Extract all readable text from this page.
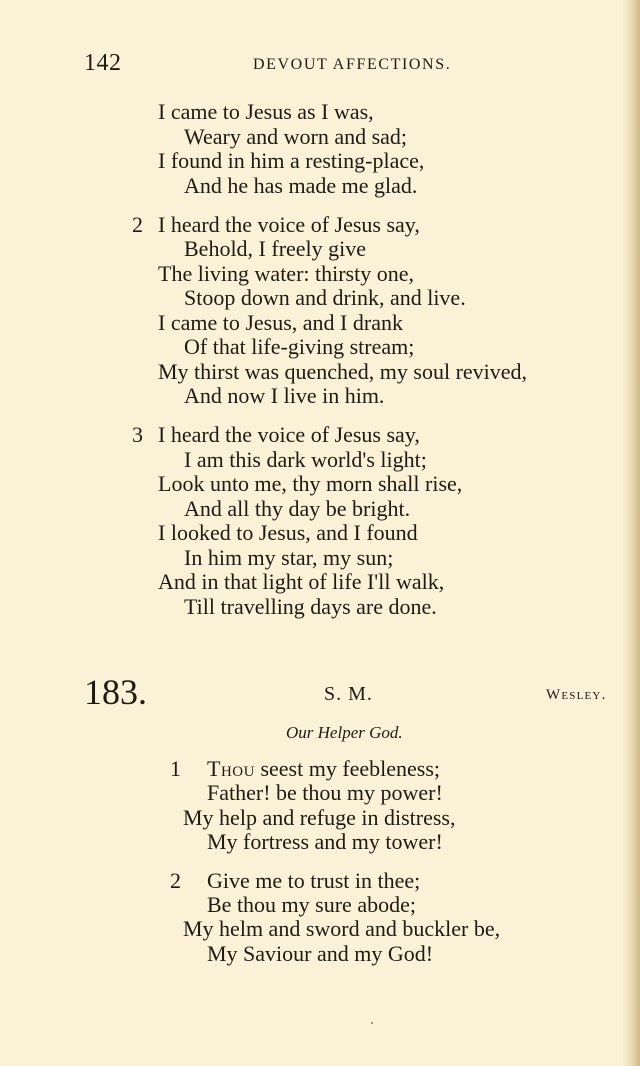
142	DEVOUT AFFECTIONS.
I came to Jesus as I was,
Weary and worn and sad;
I found in him a resting-place,
And he has made me glad.
2 I heard the voice of Jesus say,
Behold, I freely give
The living water: thirsty one,
Stoop down and drink, and live.
I came to Jesus, and I drank
Of that life-giving stream;
My thirst was quenched, my soul revived,
And now I live in him.
3 I heard the voice of Jesus say,
I am this dark world's light;
Look unto me, thy morn shall rise,
And all thy day be bright.
I looked to Jesus, and I found
In him my star, my sun;
And in that light of life I'll walk,
Till travelling days are done.
183.	S. M.	Wesley.
Our Helper God.
1 Thou seest my feebleness;
Father! be thou my power!
My help and refuge in distress,
My fortress and my tower!
2 Give me to trust in thee;
Be thou my sure abode;
My helm and sword and buckler be,
My Saviour and my God!
